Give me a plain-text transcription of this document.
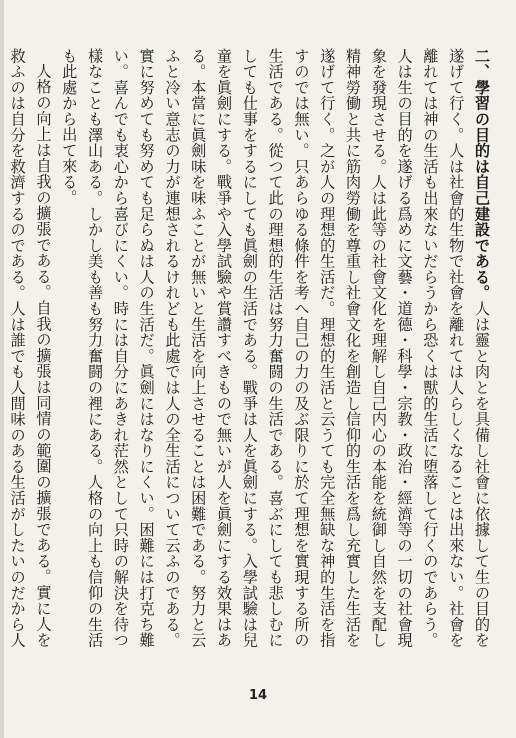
二、學習の目的は自己建設である。人は靈と肉とを具備し社會に依據して生の目的を遂げて行く。人は社會的生物で社會を離れては人らしくなることは出來ない。社會を離れては神の生活も出來ないだらうから恐くは獸的生活に堕落して行くのであらう。人は生の目的を遂げる爲めに文藝・道德・科學・宗教・政治・經濟等の一切の社會現象を發現させる。人は此等の社會文化を理解し自己内心の本能を統御し自然を支配し精神勞働と共に筋肉勞働を尊重し社會文化を創造し信仰的生活を爲し充實した生活を遂げて行く。之が人の理想的生活だ。理想的生活と云うても完全無缺な神的生活を指すのでは無い。只あらゆる條件を考へ自己の力の及ぶ限りに於て理想を實現する所の生活である。從つて此の理想的生活は努力奮闘の生活である。喜ぶにしても悲しむにしても仕事をするにしても眞劍の生活である。戰爭は人を眞劍にする。入學試驗は兒童を眞劍にする。戰爭や入學試驗や賞讚すべきもので無いが人を眞劍にする效果はある。本當に眞劍味を味ふことが無いと生活を向上させることは困難である。努力と云ふと冷い意志の力が連想されるけれども此處では人の全生活について云ふのである。實に努めても努めても足らぬは人の生活だ。眞劍にはなりにくい。困難には打克ち難い。喜んでも衷心から喜びにくい。時には自分にあきれ茫然として只時の解決を待つ樣なことも澤山ある。しかし美も善も努力奮闘の裡にある。人格の向上も信仰の生活も此處から出て來る。

人格の向上は自我の擴張である。自我の擴張は同情の範圍の擴張である。實に人を救ふのは自分を救濟するのである。人は誰でも人間味のある生活がしたいのだから人

14
